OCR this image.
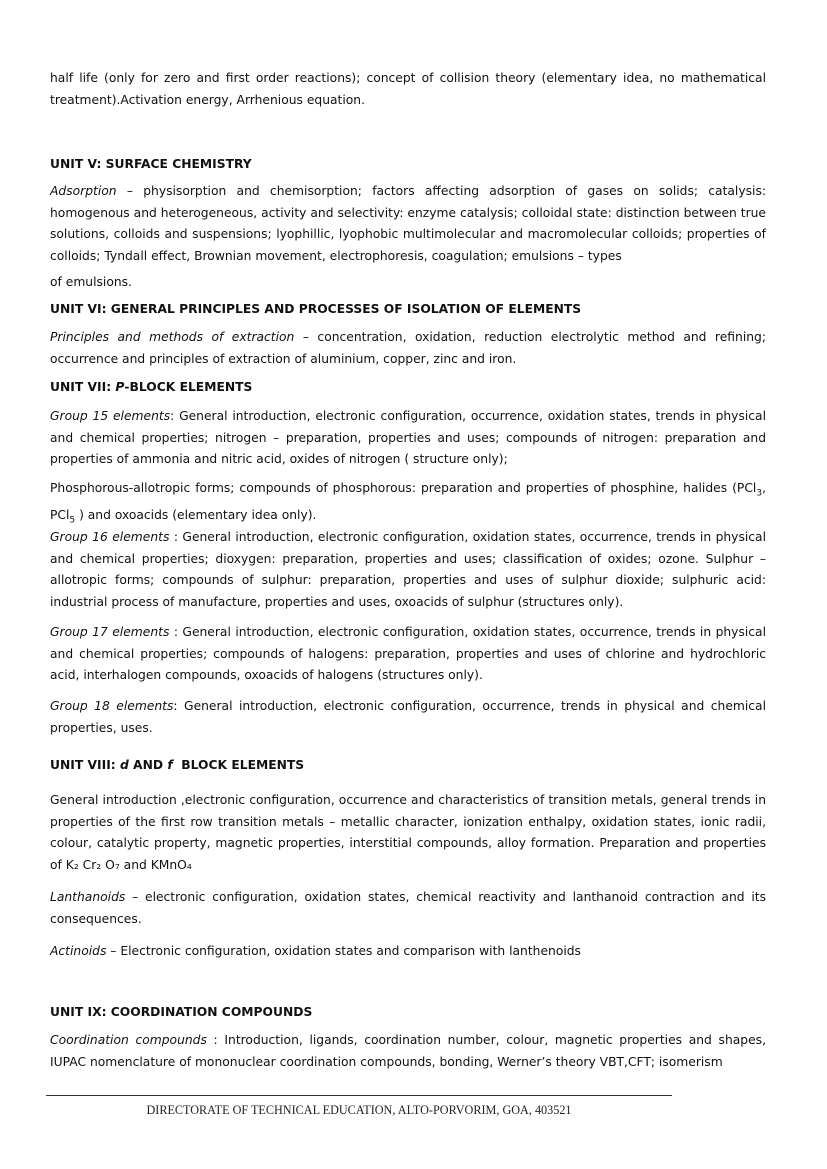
half life (only for zero and first order reactions); concept of collision theory (elementary idea, no mathematical treatment).Activation energy, Arrhenious equation.
UNIT V: SURFACE CHEMISTRY
Adsorption – physisorption and chemisorption; factors affecting adsorption of gases on solids; catalysis: homogenous and heterogeneous, activity and selectivity: enzyme catalysis; colloidal state: distinction between true solutions, colloids and suspensions; lyophillic, lyophobic multimolecular and macromolecular colloids; properties of colloids; Tyndall effect, Brownian movement, electrophoresis, coagulation; emulsions – types
of emulsions.
UNIT VI: GENERAL PRINCIPLES AND PROCESSES OF ISOLATION OF ELEMENTS
Principles and methods of extraction – concentration, oxidation, reduction electrolytic method and refining; occurrence and principles of extraction of aluminium, copper, zinc and iron.
UNIT VII: P-BLOCK ELEMENTS
Group 15 elements: General introduction, electronic configuration, occurrence, oxidation states, trends in physical and chemical properties; nitrogen – preparation, properties and uses; compounds of nitrogen: preparation and properties of ammonia and nitric acid, oxides of nitrogen ( structure only);
Phosphorous-allotropic forms; compounds of phosphorous: preparation and properties of phosphine, halides (PCl$_3$, PCl$_5$ ) and oxoacids (elementary idea only).
Group 16 elements : General introduction, electronic configuration, oxidation states, occurrence, trends in physical and chemical properties; dioxygen: preparation, properties and uses; classification of oxides; ozone. Sulphur – allotropic forms; compounds of sulphur: preparation, properties and uses of sulphur dioxide; sulphuric acid: industrial process of manufacture, properties and uses, oxoacids of sulphur (structures only).
Group 17 elements : General introduction, electronic configuration, oxidation states, occurrence, trends in physical and chemical properties; compounds of halogens: preparation, properties and uses of chlorine and hydrochloric acid, interhalogen compounds, oxoacids of halogens (structures only).
Group 18 elements: General introduction, electronic configuration, occurrence, trends in physical and chemical properties, uses.
UNIT VIII: d AND f  BLOCK ELEMENTS
General introduction ,electronic configuration, occurrence and characteristics of transition metals, general trends in properties of the first row transition metals – metallic character, ionization enthalpy, oxidation states, ionic radii, colour, catalytic property, magnetic properties, interstitial compounds, alloy formation. Preparation and properties of K₂ Cr₂ O₇ and KMnO₄
Lanthanoids – electronic configuration, oxidation states, chemical reactivity and lanthanoid contraction and its consequences.
Actinoids – Electronic configuration, oxidation states and comparison with lanthenoids
UNIT IX: COORDINATION COMPOUNDS
Coordination compounds : Introduction, ligands, coordination number, colour, magnetic properties and shapes, IUPAC nomenclature of mononuclear coordination compounds, bonding, Werner’s theory VBT,CFT; isomerism
DIRECTORATE OF TECHNICAL EDUCATION, ALTO-PORVORIM, GOA, 403521
